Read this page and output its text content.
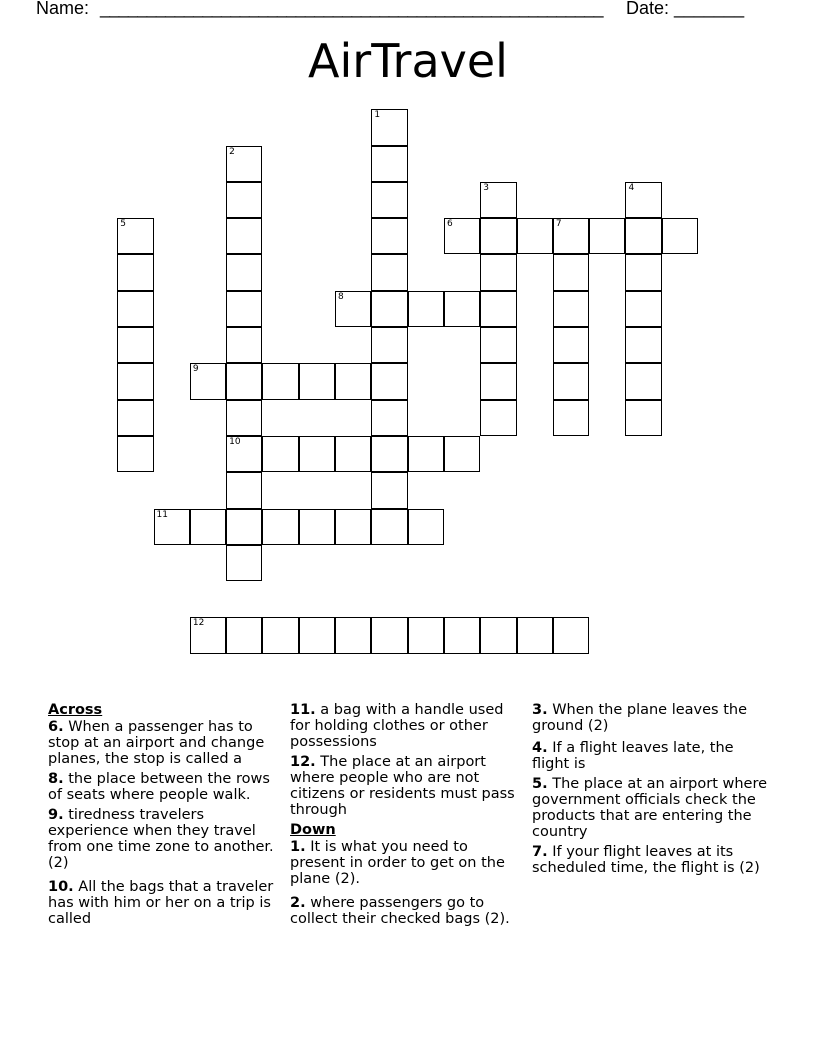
Name: ______________________________________________________ Date: _______
AirTravel
1
2
10
3	4
5	6	7
8
9
11
12
Across
6. When a passenger has to stop at an airport and change planes, the stop is called a
8. the place between the rows of seats where people walk.
9. tiredness travelers experience when they travel from one time zone to another. (2)
10. All the bags that a traveler has with him or her on a trip is called
11. a bag with a handle used for holding clothes or other possessions
12. The place at an airport where people who are not citizens or residents must pass through
Down
1. It is what you need to present in order to get on the plane (2).
2. where passengers go to collect their checked bags (2).
3. When the plane leaves the ground (2)
4. If a flight leaves late, the flight is
5. The place at an airport where government officials check the products that are entering the country
7. If your flight leaves at its scheduled time, the flight is (2)
